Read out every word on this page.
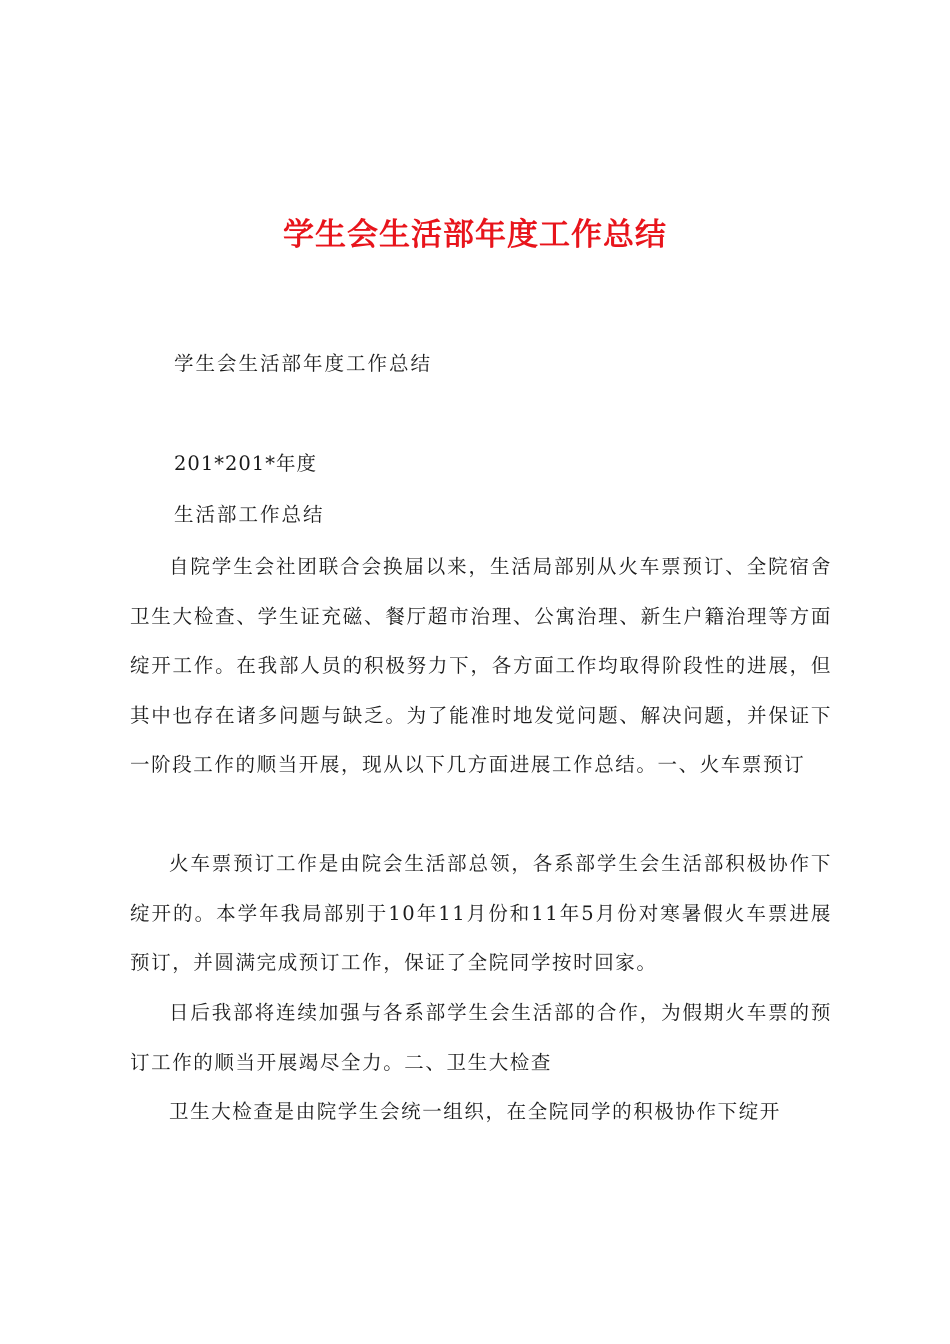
学生会生活部年度工作总结

学生会生活部年度工作总结

201*201*年度

生活部工作总结

自院学生会社团联合会换届以来，生活局部别从火车票预订、全院宿舍卫生大检查、学生证充磁、餐厅超市治理、公寓治理、新生户籍治理等方面绽开工作。在我部人员的积极努力下，各方面工作均取得阶段性的进展，但其中也存在诸多问题与缺乏。为了能准时地发觉问题、解决问题，并保证下一阶段工作的顺当开展，现从以下几方面进展工作总结。一、火车票预订

火车票预订工作是由院会生活部总领，各系部学生会生活部积极协作下绽开的。本学年我局部别于10年11月份和11年5月份对寒暑假火车票进展预订，并圆满完成预订工作，保证了全院同学按时回家。

日后我部将连续加强与各系部学生会生活部的合作，为假期火车票的预订工作的顺当开展竭尽全力。二、卫生大检查

卫生大检查是由院学生会统一组织，在全院同学的积极协作下绽开
